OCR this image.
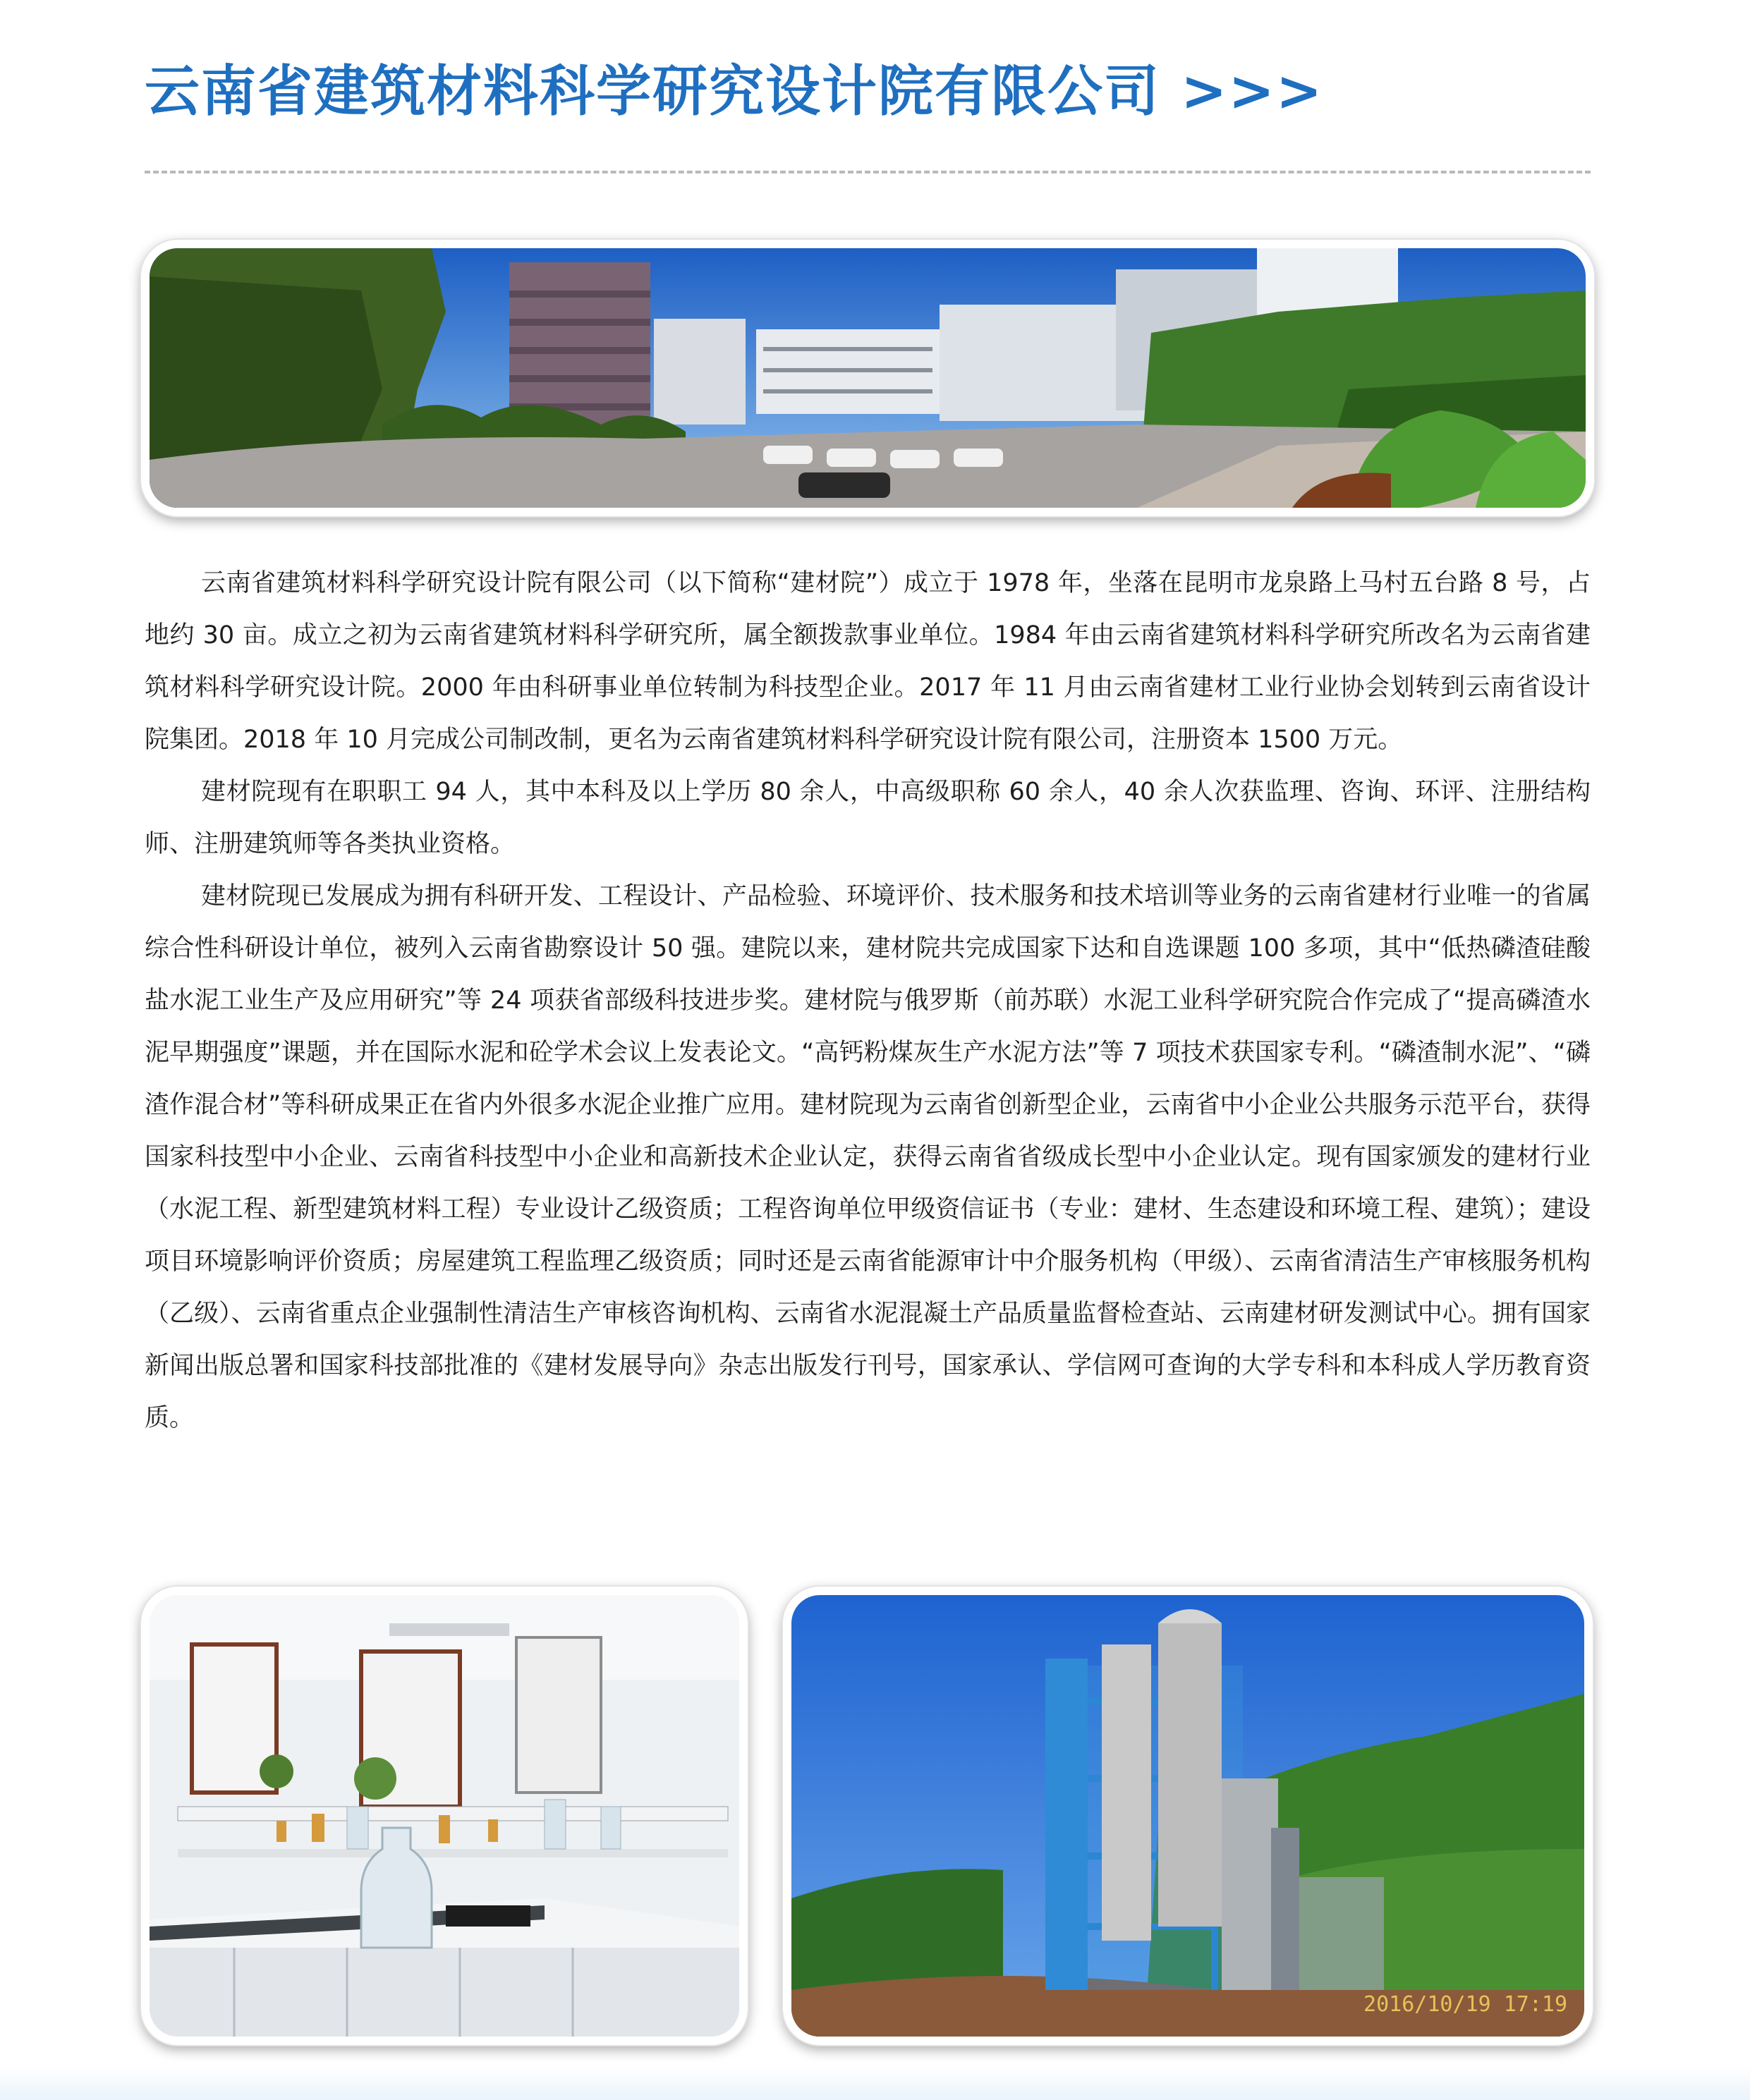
云南省建筑材料科学研究设计院有限公司 >>>

云南省建筑材料科学研究设计院有限公司（以下简称“建材院”）成立于 1978 年，坐落在昆明市龙泉路上马村五台路 8 号，占地约 30 亩。成立之初为云南省建筑材料科学研究所，属全额拨款事业单位。1984 年由云南省建筑材料科学研究所改名为云南省建筑材料科学研究设计院。2000 年由科研事业单位转制为科技型企业。2017 年 11 月由云南省建材工业行业协会划转到云南省设计院集团。2018 年 10 月完成公司制改制，更名为云南省建筑材料科学研究设计院有限公司，注册资本 1500 万元。

建材院现有在职职工 94 人，其中本科及以上学历 80 余人，中高级职称 60 余人，40 余人次获监理、咨询、环评、注册结构师、注册建筑师等各类执业资格。

建材院现已发展成为拥有科研开发、工程设计、产品检验、环境评价、技术服务和技术培训等业务的云南省建材行业唯一的省属综合性科研设计单位，被列入云南省勘察设计 50 强。建院以来，建材院共完成国家下达和自选课题 100 多项，其中“低热磷渣硅酸盐水泥工业生产及应用研究”等 24 项获省部级科技进步奖。建材院与俄罗斯（前苏联）水泥工业科学研究院合作完成了“提高磷渣水泥早期强度”课题，并在国际水泥和砼学术会议上发表论文。“高钙粉煤灰生产水泥方法”等 7 项技术获国家专利。“磷渣制水泥”、“磷渣作混合材”等科研成果正在省内外很多水泥企业推广应用。建材院现为云南省创新型企业，云南省中小企业公共服务示范平台，获得国家科技型中小企业、云南省科技型中小企业和高新技术企业认定，获得云南省省级成长型中小企业认定。现有国家颁发的建材行业（水泥工程、新型建筑材料工程）专业设计乙级资质；工程咨询单位甲级资信证书（专业：建材、生态建设和环境工程、建筑）；建设项目环境影响评价资质；房屋建筑工程监理乙级资质；同时还是云南省能源审计中介服务机构（甲级）、云南省清洁生产审核服务机构（乙级）、云南省重点企业强制性清洁生产审核咨询机构、云南省水泥混凝土产品质量监督检查站、云南建材研发测试中心。拥有国家新闻出版总署和国家科技部批准的《建材发展导向》杂志出版发行刊号，国家承认、学信网可查询的大学专科和本科成人学历教育资质。

2016/10/19 17:19
